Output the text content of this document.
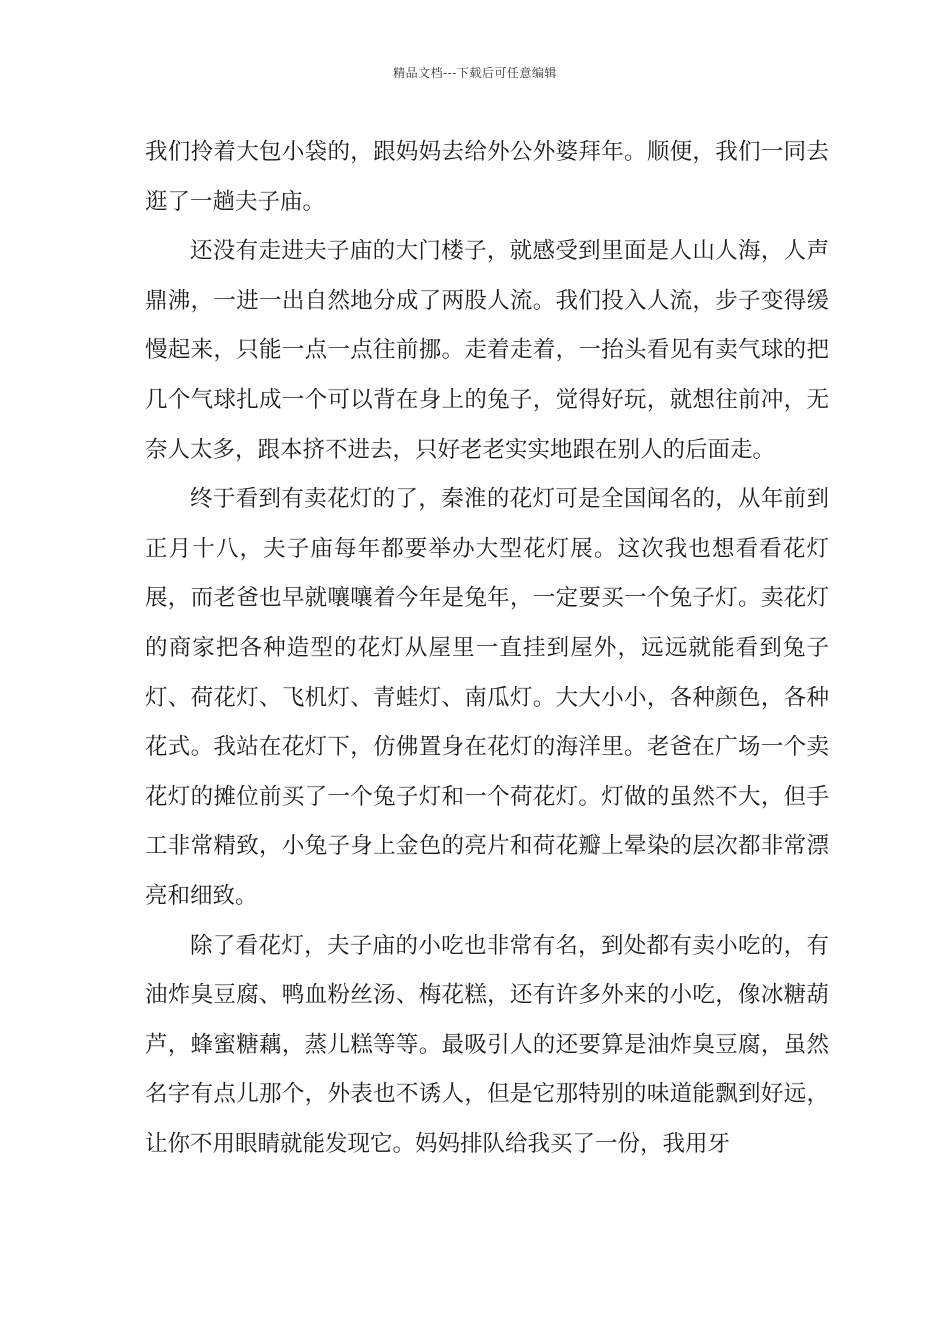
精品文档---下载后可任意编辑

我们拎着大包小袋的，跟妈妈去给外公外婆拜年。顺便，我们一同去逛了一趟夫子庙。

还没有走进夫子庙的大门楼子，就感受到里面是人山人海，人声鼎沸，一进一出自然地分成了两股人流。我们投入人流，步子变得缓慢起来，只能一点一点往前挪。走着走着，一抬头看见有卖气球的把几个气球扎成一个可以背在身上的兔子，觉得好玩，就想往前冲，无奈人太多，跟本挤不进去，只好老老实实地跟在别人的后面走。

终于看到有卖花灯的了，秦淮的花灯可是全国闻名的，从年前到正月十八，夫子庙每年都要举办大型花灯展。这次我也想看看花灯展，而老爸也早就嚷嚷着今年是兔年，一定要买一个兔子灯。卖花灯的商家把各种造型的花灯从屋里一直挂到屋外，远远就能看到兔子灯、荷花灯、飞机灯、青蛙灯、南瓜灯。大大小小，各种颜色，各种花式。我站在花灯下，仿佛置身在花灯的海洋里。老爸在广场一个卖花灯的摊位前买了一个兔子灯和一个荷花灯。灯做的虽然不大，但手工非常精致，小兔子身上金色的亮片和荷花瓣上晕染的层次都非常漂亮和细致。

除了看花灯，夫子庙的小吃也非常有名，到处都有卖小吃的，有油炸臭豆腐、鸭血粉丝汤、梅花糕，还有许多外来的小吃，像冰糖葫芦，蜂蜜糖藕，蒸儿糕等等。最吸引人的还要算是油炸臭豆腐，虽然名字有点儿那个，外表也不诱人，但是它那特别的味道能飘到好远，让你不用眼睛就能发现它。妈妈排队给我买了一份，我用牙
